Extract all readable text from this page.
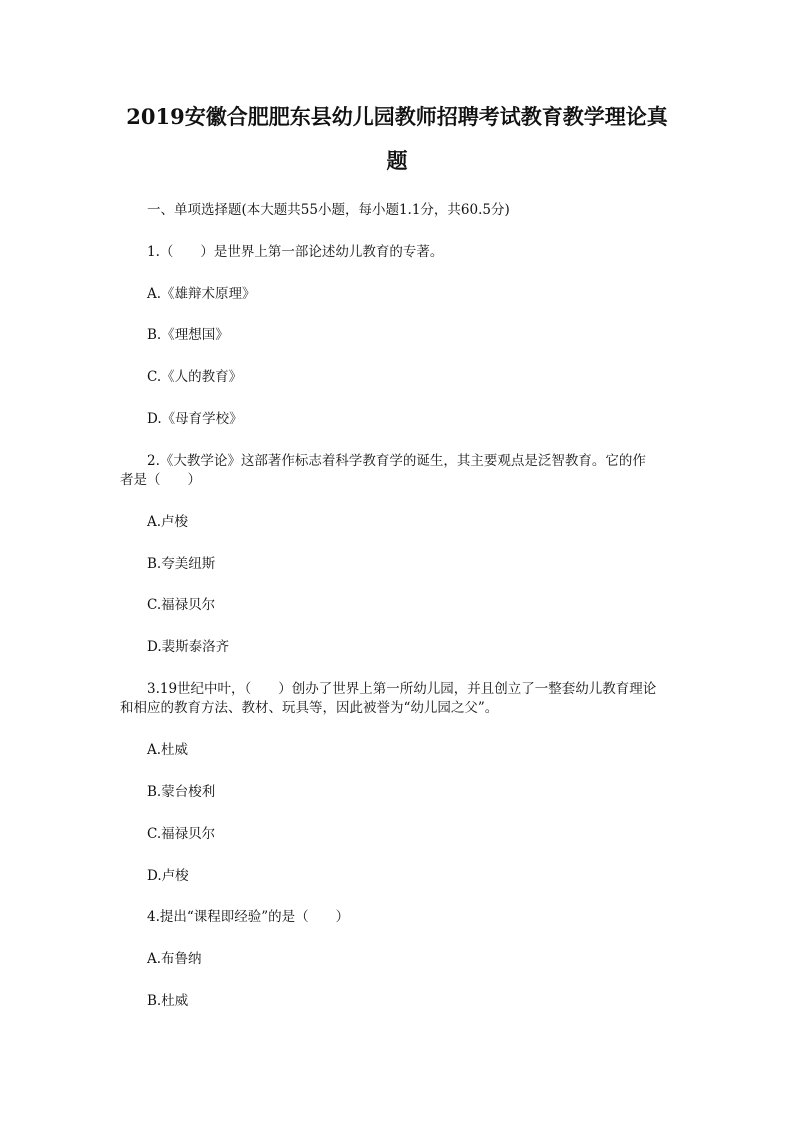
2019安徽合肥肥东县幼儿园教师招聘考试教育教学理论真
题
一、单项选择题(本大题共55小题，每小题1.1分，共60.5分)
1.（　　）是世界上第一部论述幼儿教育的专著。
A.《雄辩术原理》
B.《理想国》
C.《人的教育》
D.《母育学校》
2.《大教学论》这部著作标志着科学教育学的诞生，其主要观点是泛智教育。它的作
者是（　　）
A.卢梭
B.夸美纽斯
C.福禄贝尔
D.裴斯泰洛齐
3.19世纪中叶，（　　）创办了世界上第一所幼儿园，并且创立了一整套幼儿教育理论
和相应的教育方法、教材、玩具等，因此被誉为“幼儿园之父”。
A.杜威
B.蒙台梭利
C.福禄贝尔
D.卢梭
4.提出“课程即经验”的是（　　）
A.布鲁纳
B.杜威
